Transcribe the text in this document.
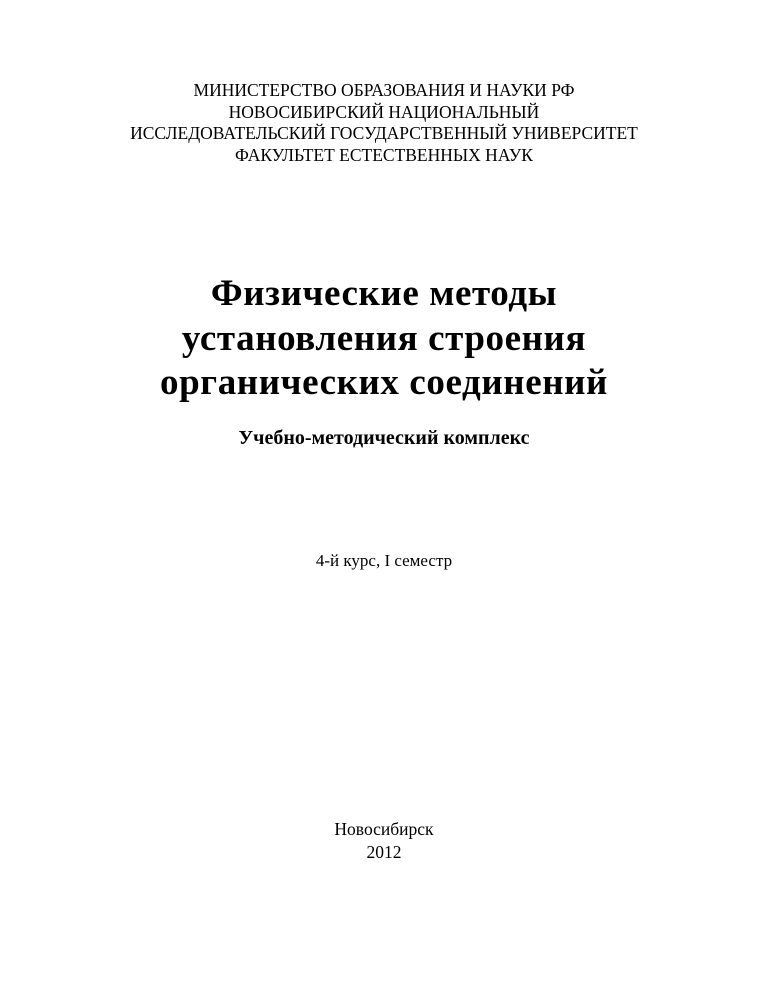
МИНИСТЕРСТВО ОБРАЗОВАНИЯ И НАУКИ РФ
НОВОСИБИРСКИЙ НАЦИОНАЛЬНЫЙ
ИССЛЕДОВАТЕЛЬСКИЙ ГОСУДАРСТВЕННЫЙ УНИВЕРСИТЕТ
ФАКУЛЬТЕТ ЕСТЕСТВЕННЫХ НАУК
Физические методы
установления строения
органических соединений
Учебно-методический комплекс
4-й курс, I семестр
Новосибирск
2012
